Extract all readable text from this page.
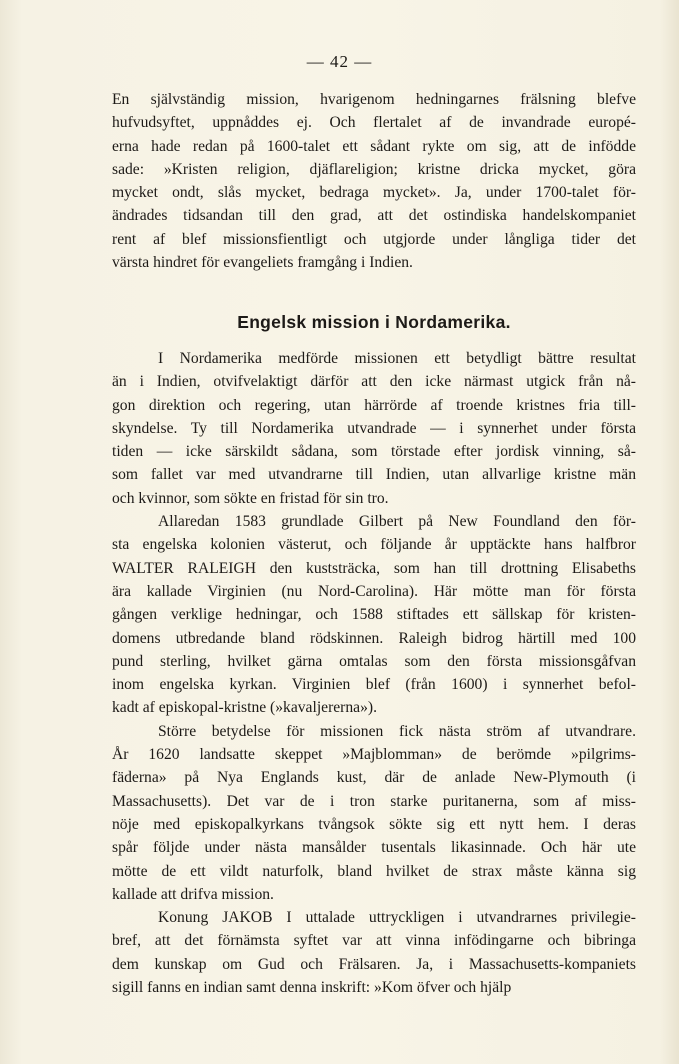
— 42 —
En självständig mission, hvarigenom hedningarnes frälsning blefve
hufvudsyftet, uppnåddes ej. Och flertalet af de invandrade europé-
erna hade redan på 1600-talet ett sådant rykte om sig, att de infödde
sade: »Kristen religion, djäflareligion; kristne dricka mycket, göra
mycket ondt, slås mycket, bedraga mycket». Ja, under 1700-talet för-
ändrades tidsandan till den grad, att det ostindiska handelskompaniet
rent af blef missionsfientligt och utgjorde under långliga tider det
värsta hindret för evangeliets framgång i Indien.
Engelsk mission i Nordamerika.
I Nordamerika medförde missionen ett betydligt bättre resultat
än i Indien, otvifvelaktigt därför att den icke närmast utgick från nå-
gon direktion och regering, utan härrörde af troende kristnes fria till-
skyndelse. Ty till Nordamerika utvandrade — i synnerhet under första
tiden — icke särskildt sådana, som törstade efter jordisk vinning, så-
som fallet var med utvandrarne till Indien, utan allvarlige kristne män
och kvinnor, som sökte en fristad för sin tro.
Allaredan 1583 grundlade Gilbert på New Foundland den för-
sta engelska kolonien västerut, och följande år upptäckte hans halfbror
WALTER RALEIGH den kuststräcka, som han till drottning Elisabeths
ära kallade Virginien (nu Nord-Carolina). Här mötte man för första
gången verklige hedningar, och 1588 stiftades ett sällskap för kristen-
domens utbredande bland rödskinnen. Raleigh bidrog härtill med 100
pund sterling, hvilket gärna omtalas som den första missionsgåfvan
inom engelska kyrkan. Virginien blef (från 1600) i synnerhet befol-
kadt af episkopal-kristne (»kavaljererna»).
Större betydelse för missionen fick nästa ström af utvandrare.
År 1620 landsatte skeppet »Majblomman» de berömde »pilgrims-
fäderna» på Nya Englands kust, där de anlade New-Plymouth (i
Massachusetts). Det var de i tron starke puritanerna, som af miss-
nöje med episkopalkyrkans tvångsok sökte sig ett nytt hem. I deras
spår följde under nästa mansålder tusentals likasinnade. Och här ute
mötte de ett vildt naturfolk, bland hvilket de strax måste känna sig
kallade att drifva mission.
Konung JAKOB I uttalade uttryckligen i utvandrarnes privilegie-
bref, att det förnämsta syftet var att vinna infödingarne och bibringa
dem kunskap om Gud och Frälsaren. Ja, i Massachusetts-kompaniets
sigill fanns en indian samt denna inskrift: »Kom öfver och hjälp
